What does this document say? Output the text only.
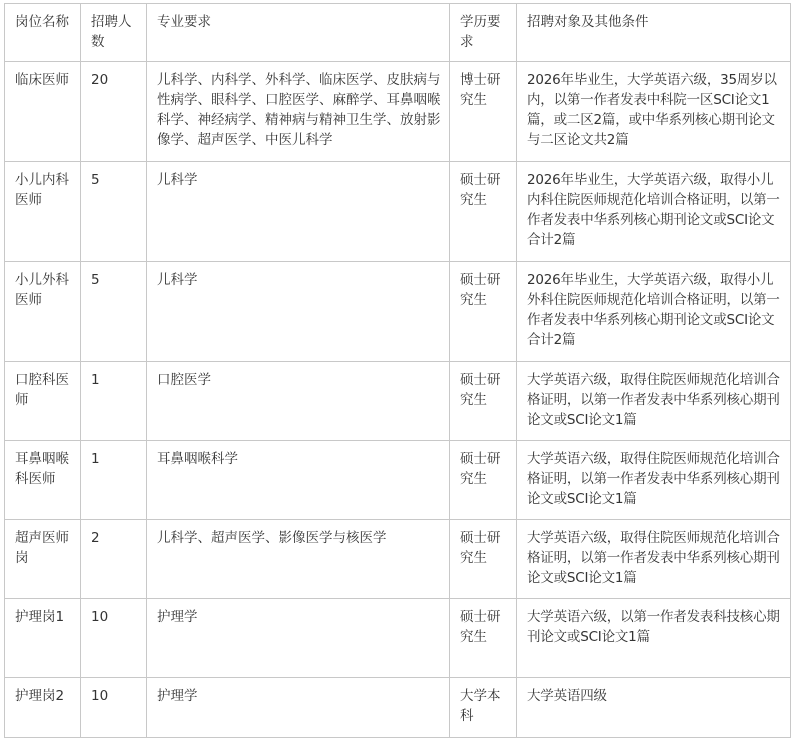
岗位名称	招聘人数	专业要求	学历要求	招聘对象及其他条件
临床医师	20	儿科学、内科学、外科学、临床医学、皮肤病与性病学、眼科学、口腔医学、麻醉学、耳鼻咽喉科学、神经病学、精神病与精神卫生学、放射影像学、超声医学、中医儿科学	博士研究生	2026年毕业生，大学英语六级，35周岁以内，以第一作者发表中科院一区SCI论文1篇，或二区2篇，或中华系列核心期刊论文与二区论文共2篇
小儿内科医师	5	儿科学	硕士研究生	2026年毕业生，大学英语六级，取得小儿内科住院医师规范化培训合格证明，以第一作者发表中华系列核心期刊论文或SCI论文合计2篇
小儿外科医师	5	儿科学	硕士研究生	2026年毕业生，大学英语六级，取得小儿外科住院医师规范化培训合格证明，以第一作者发表中华系列核心期刊论文或SCI论文合计2篇
口腔科医师	1	口腔医学	硕士研究生	大学英语六级，取得住院医师规范化培训合格证明，以第一作者发表中华系列核心期刊论文或SCI论文1篇
耳鼻咽喉科医师	1	耳鼻咽喉科学	硕士研究生	大学英语六级，取得住院医师规范化培训合格证明，以第一作者发表中华系列核心期刊论文或SCI论文1篇
超声医师岗	2	儿科学、超声医学、影像医学与核医学	硕士研究生	大学英语六级，取得住院医师规范化培训合格证明，以第一作者发表中华系列核心期刊论文或SCI论文1篇
护理岗1	10	护理学	硕士研究生	大学英语六级，以第一作者发表科技核心期刊论文或SCI论文1篇
护理岗2	10	护理学	大学本科	大学英语四级
